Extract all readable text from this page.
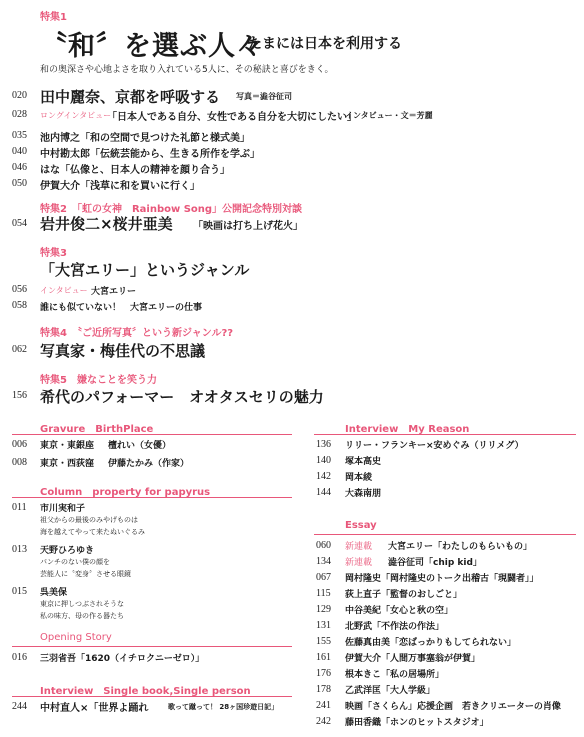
特集1
〝和〞を選ぶ人々
たまには日本を利用する
和の奥深さや心地よさを取り入れている5人に、その秘訣と喜びをきく。
020 田中麗奈、京都を呼吸する 写真＝澁谷征司
028 ロングインタビュー
「日本人である自分、女性である自分を大切にしたい」
インタビュー・文＝芳麗
035 池内博之「和の空間で見つけた礼節と様式美」
040 中村勘太郎「伝統芸能から、生きる所作を学ぶ」
046 はな「仏像と、日本人の精神を顔り合う」
050 伊賀大介「浅草に和を買いに行く」
特集2　「虹の女神　Rainbow Song」公開記念特別対談
054 岩井俊二×桜井亜美 「映画は打ち上げ花火」
特集3
「大宮エリー」というジャンル
056 インタビュー 大宮エリー
058 誰にも似ていない！　大宮エリーの仕事
特集4　〝ご近所写真〞という新ジャンル??
062 写真家・梅佳代の不思議
特集5　嫌なことを笑う力
156 希代のパフォーマー　オオタスセリの魅力
Gravure　BirthPlace
006 東京・東銀座 檀れい（女優）
008 東京・西荻窪 伊藤たかみ（作家）
Column　property for papyrus
011 市川実和子
祖父からの最後のみやげものは
海を越えてやって来たぬいぐるみ
013 天野ひろゆき
パンチのない僕の顔を
芸能人に〝変身〞させる眼鏡
015 呉美保
東京に押しつぶされそうな
私の味方、母の作る器たち
Opening Story
016 三羽省吾「1620（イチロクニーゼロ）」
Interview　Single book,Single person
244 中村直人×「世界よ踊れ	歌って蹴って！ 28ヶ国珍遊日記」
Interview　My Reason
136 リリー・フランキー×安めぐみ（リリメグ）
140 塚本高史
142 岡本綾
144 大森南朋
Essay
060 新連載 大宮エリー「わたしのもらいもの」
134 新連載 澁谷征司「chip kid」
067 岡村隆史「岡村隆史のトーク出稽古「現闘者」」
115 荻上直子「監督のおしごと」
129 中谷美紀「女心と秋の空」
131 北野武「不作法の作法」
155 佐藤真由美「恋ばっかりもしてられない」
161 伊賀大介「人間万事塞翁が伊賀」
176 根本きこ「私の居場所」
178 乙武洋匡「大人学級」
241 映画「さくらん」応援企画　若きクリエーターの肖像
242 藤田香織「ホンのヒットスタジオ」
